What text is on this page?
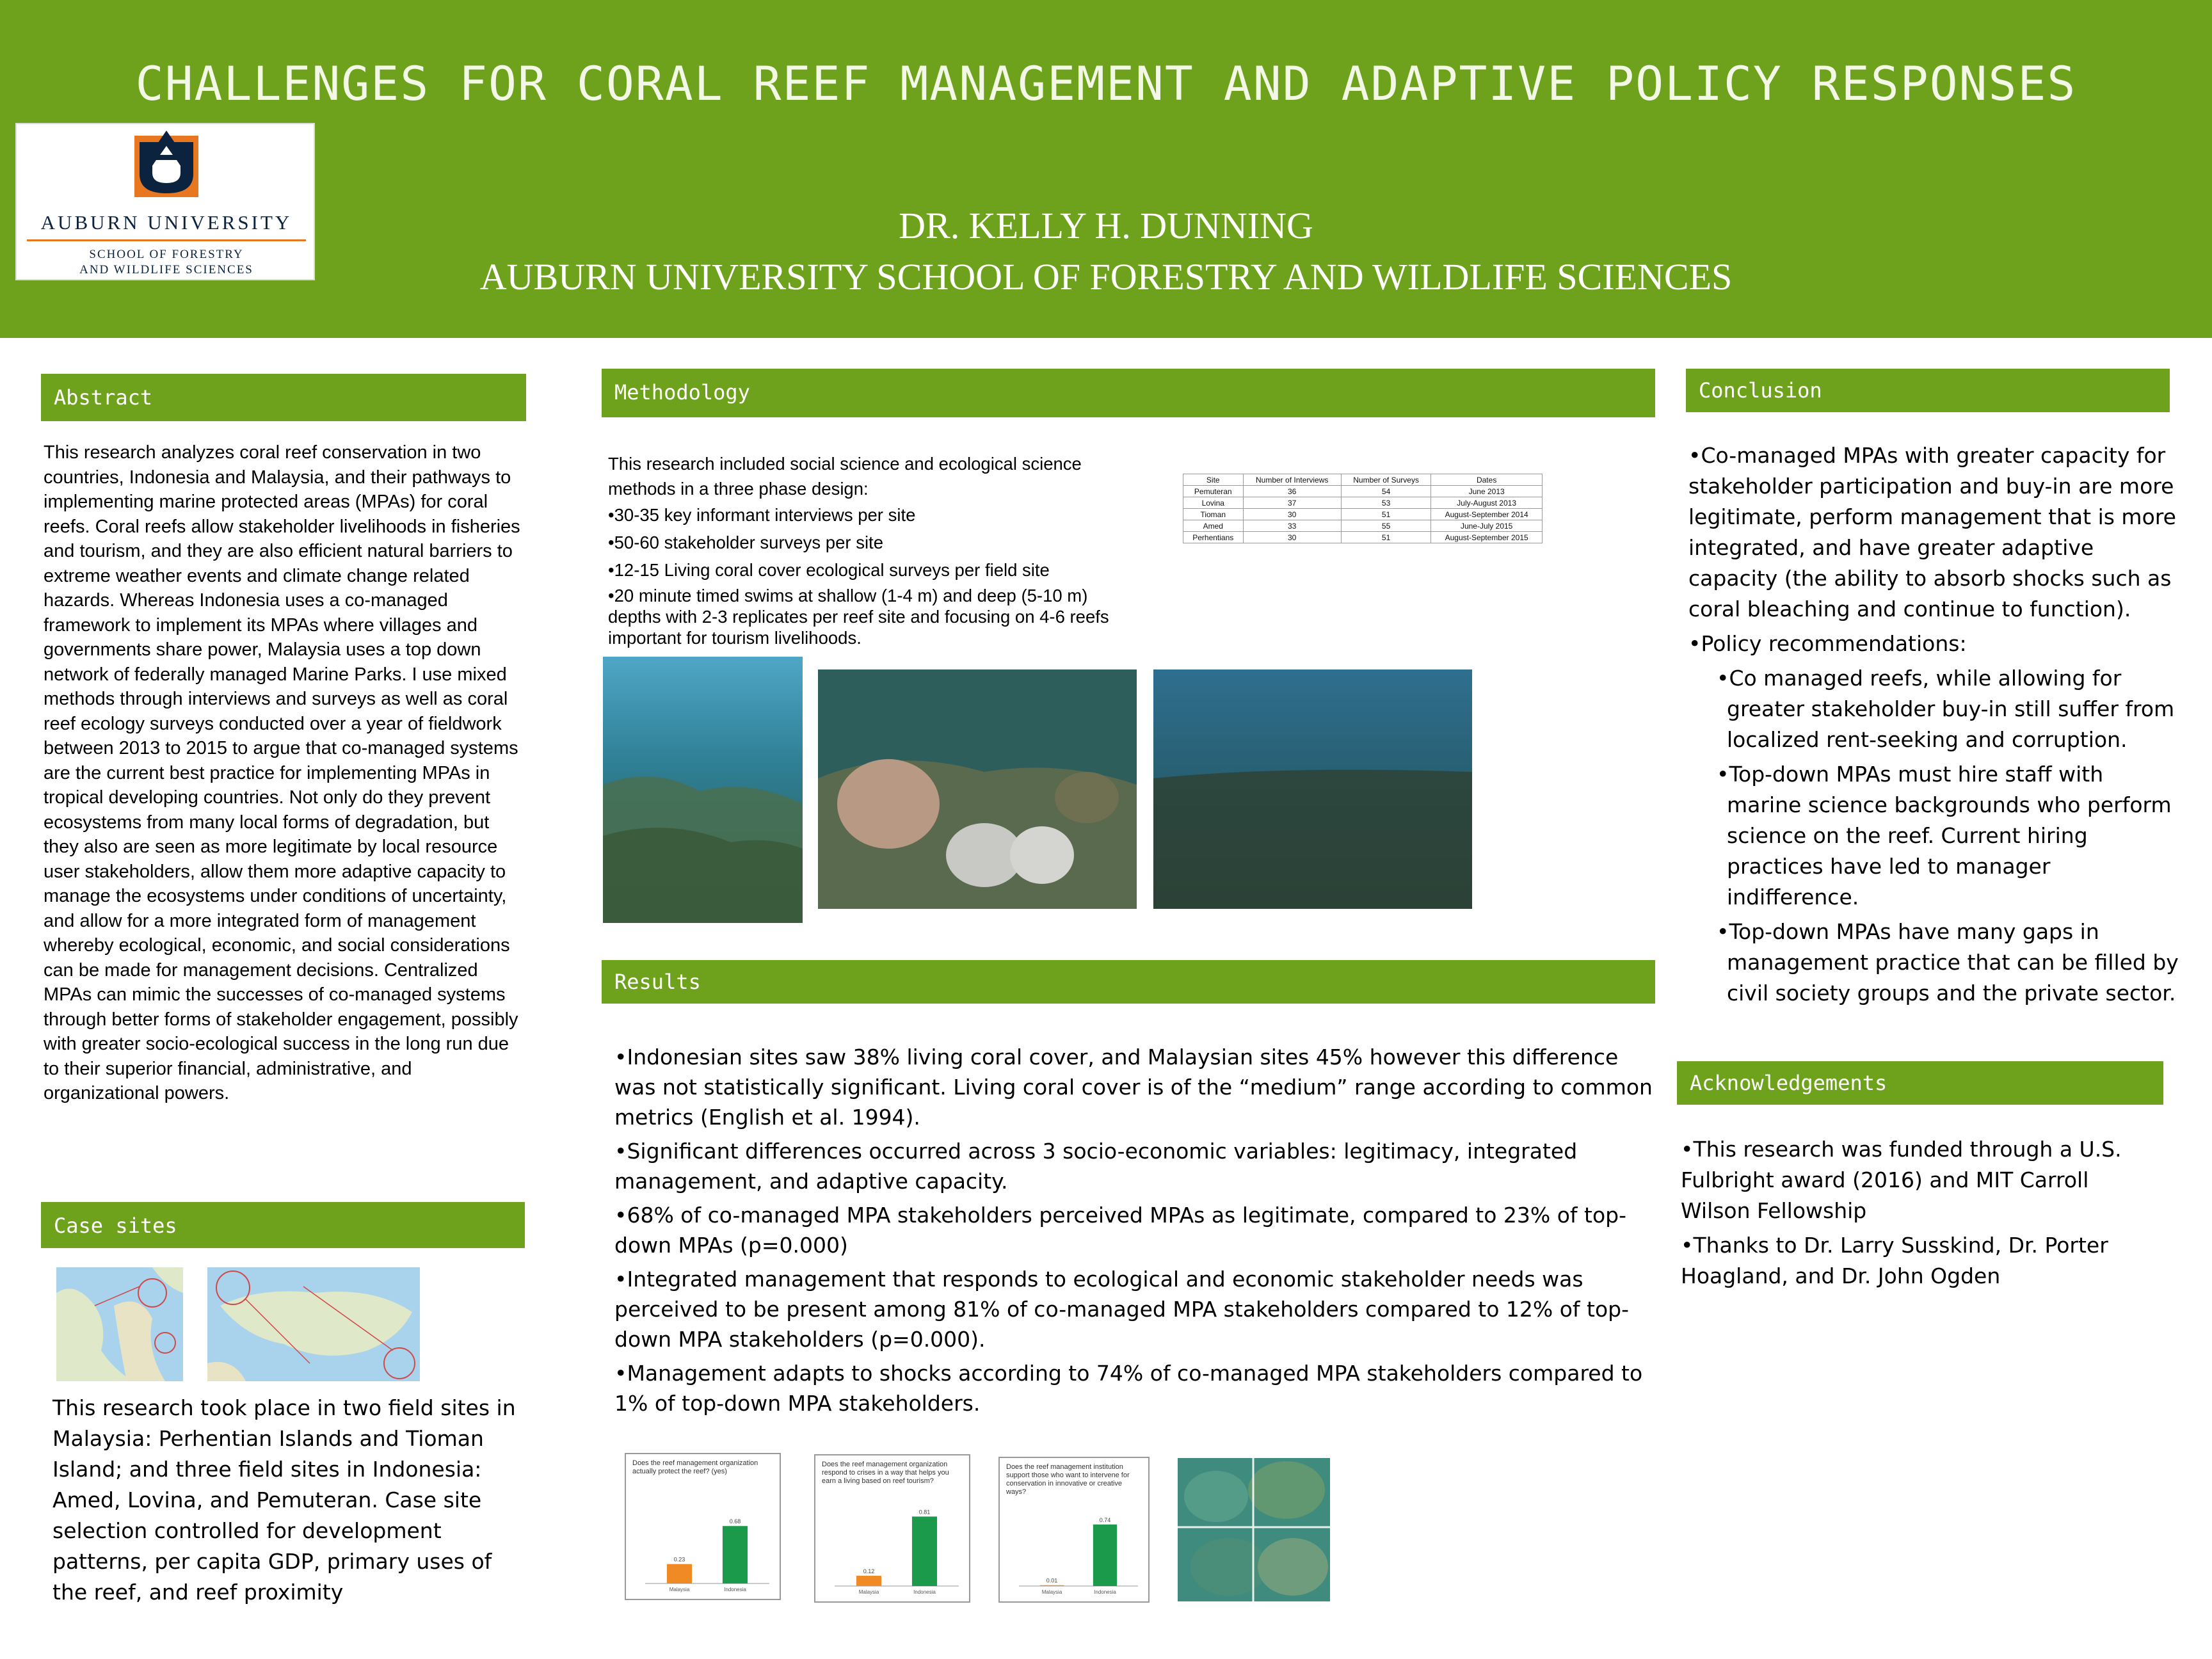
CHALLENGES FOR CORAL REEF MANAGEMENT AND ADAPTIVE POLICY RESPONSES
DR. KELLY H. DUNNING
AUBURN UNIVERSITY SCHOOL OF FORESTRY AND WILDLIFE SCIENCES
AUBURN UNIVERSITY
SCHOOL OF FORESTRY
AND WILDLIFE SCIENCES
Abstract
This research analyzes coral reef conservation in two countries, Indonesia and Malaysia, and their pathways to implementing marine protected areas (MPAs) for coral reefs. Coral reefs allow stakeholder livelihoods in fisheries and tourism, and they are also efficient natural barriers to extreme weather events and climate change related hazards. Whereas Indonesia uses a co-managed framework to implement its MPAs where villages and governments share power, Malaysia uses a top down network of federally managed Marine Parks. I use mixed methods through interviews and surveys as well as coral reef ecology surveys conducted over a year of fieldwork between 2013 to 2015 to argue that co-managed systems are the current best practice for implementing MPAs in tropical developing countries. Not only do they prevent ecosystems from many local forms of degradation, but they also are seen as more legitimate by local resource user stakeholders, allow them more adaptive capacity to manage the ecosystems under conditions of uncertainty, and allow for a more integrated form of management whereby ecological, economic, and social considerations can be made for management decisions. Centralized MPAs can mimic the successes of co-managed systems through better forms of stakeholder engagement, possibly with greater socio-ecological success in the long run due to their superior financial, administrative, and organizational powers.
Case sites
This research took place in two field sites in Malaysia: Perhentian Islands and Tioman Island; and three field sites in Indonesia: Amed, Lovina, and Pemuteran. Case site selection controlled for development patterns, per capita GDP, primary uses of the reef, and reef proximity
Methodology

This research included social science and ecological science methods in a three phase design:

•30-35 key informant interviews per site

•50-60 stakeholder surveys per site

•12-15 Living coral cover ecological surveys per field site

•20 minute timed swims at shallow (1-4 m) and deep (5-10 m) depths with 2-3 replicates per reef site and focusing on 4-6 reefs important for tourism livelihoods.

Site	Number of Interviews	Number of Surveys	Dates
Pemuteran	36	54	June 2013
Lovina	37	53	July-August 2013
Tioman	30	51	August-September 2014
Amed	33	55	June-July 2015
Perhentians	30	51	August-September 2015
Results

•Indonesian sites saw 38% living coral cover, and Malaysian sites 45% however this difference was not statistically significant. Living coral cover is of the “medium” range according to common metrics (English et al. 1994).

•Significant differences occurred across 3 socio-economic variables: legitimacy, integrated management, and adaptive capacity.

•68% of co-managed MPA stakeholders perceived MPAs as legitimate, compared to 23% of top-down MPAs (p=0.000)

•Integrated management that responds to ecological and economic stakeholder needs was perceived to be present among 81% of co-managed MPA stakeholders compared to 12% of top-down MPA stakeholders (p=0.000).

•Management adapts to shocks according to 74% of co-managed MPA stakeholders compared to 1% of top-down MPA stakeholders.

Does the reef management organization actually protect the reef? (yes)
0.23
Malaysia
0.68
Indonesia
Does the reef management organization respond to crises in a way that helps you earn a living based on reef tourism?
0.12
Malaysia
0.81
Indonesia
Does the reef management institution support those who want to intervene for conservation in innovative or creative ways?
0.01
Malaysia
0.74
Indonesia
Conclusion

•Co-managed MPAs with greater capacity for stakeholder participation and buy-in are more legitimate, perform management that is more integrated, and have greater adaptive capacity (the ability to absorb shocks such as coral bleaching and continue to function).

•Policy recommendations:

•Co managed reefs, while allowing for greater stakeholder buy-in still suffer from localized rent-seeking and corruption.
•Top-down MPAs must hire staff with marine science backgrounds who perform science on the reef. Current hiring practices have led to manager indifference.
•Top-down MPAs have many gaps in management practice that can be filled by civil society groups and the private sector.
Acknowledgements

•This research was funded through a U.S. Fulbright award (2016) and MIT Carroll Wilson Fellowship

•Thanks to Dr. Larry Susskind, Dr. Porter Hoagland, and Dr. John Ogden
